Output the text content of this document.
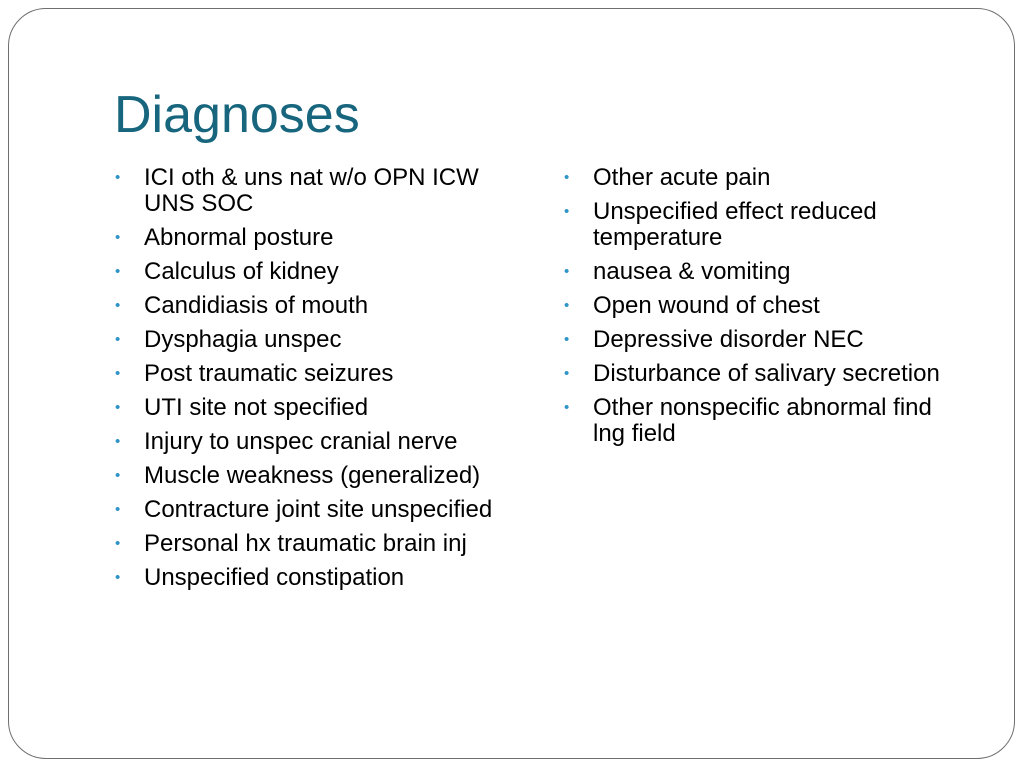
Diagnoses
• ICI oth & uns nat w/o OPN ICW UNS SOC
• Abnormal posture
• Calculus of kidney
• Candidiasis of mouth
• Dysphagia unspec
• Post traumatic seizures
• UTI site not specified
• Injury to unspec cranial nerve
• Muscle weakness (generalized)
• Contracture joint site unspecified
• Personal hx traumatic brain inj
• Unspecified constipation
• Other acute pain
• Unspecified effect reduced temperature
• nausea & vomiting
• Open wound of chest
• Depressive disorder NEC
• Disturbance of salivary secretion
• Other nonspecific abnormal find lng field
